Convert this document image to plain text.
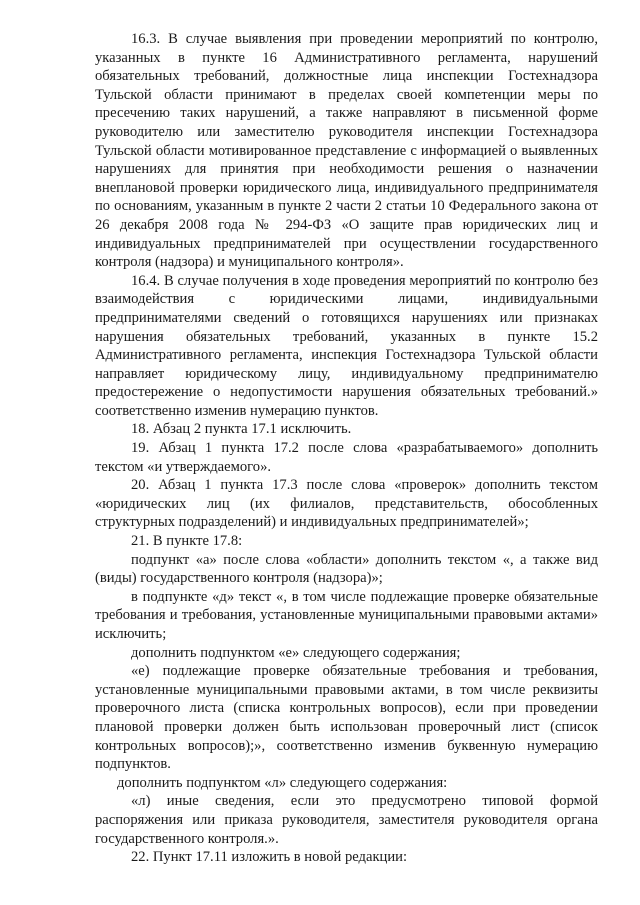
16.3. В случае выявления при проведении мероприятий по контролю, указанных в пункте 16 Административного регламента, нарушений обязательных требований, должностные лица инспекции Гостехнадзора Тульской области принимают в пределах своей компетенции меры по пресечению таких нарушений, а также направляют в письменной форме руководителю или заместителю руководителя инспекции Гостехнадзора Тульской области мотивированное представление с информацией о выявленных нарушениях для принятия при необходимости решения о назначении внеплановой проверки юридического лица, индивидуального предпринимателя по основаниям, указанным в пункте 2 части 2 статьи 10 Федерального закона от 26 декабря 2008 года № 294-ФЗ «О защите прав юридических лиц и индивидуальных предпринимателей при осуществлении государственного контроля (надзора) и муниципального контроля».

16.4. В случае получения в ходе проведения мероприятий по контролю без взаимодействия с юридическими лицами, индивидуальными предпринимателями сведений о готовящихся нарушениях или признаках нарушения обязательных требований, указанных в пункте 15.2 Административного регламента, инспекция Гостехнадзора Тульской области направляет юридическому лицу, индивидуальному предпринимателю предостережение о недопустимости нарушения обязательных требований.» соответственно изменив нумерацию пунктов.

18. Абзац 2 пункта 17.1 исключить.

19. Абзац 1 пункта 17.2 после слова «разрабатываемого» дополнить текстом «и утверждаемого».

20. Абзац 1 пункта 17.3 после слова «проверок» дополнить текстом «юридических лиц (их филиалов, представительств, обособленных структурных подразделений) и индивидуальных предпринимателей»;

21. В пункте 17.8:

подпункт «а» после слова «области» дополнить текстом «, а также вид (виды) государственного контроля (надзора)»;

в подпункте «д» текст «, в том числе подлежащие проверке обязательные требования и требования, установленные муниципальными правовыми актами» исключить;

дополнить подпунктом «е» следующего содержания;

«е) подлежащие проверке обязательные требования и требования, установленные муниципальными правовыми актами, в том числе реквизиты проверочного листа (списка контрольных вопросов), если при проведении плановой проверки должен быть использован проверочный лист (список контрольных вопросов);», соответственно изменив буквенную нумерацию подпунктов.

дополнить подпунктом «л» следующего содержания:

«л) иные сведения, если это предусмотрено типовой формой распоряжения или приказа руководителя, заместителя руководителя органа государственного контроля.».

22. Пункт 17.11 изложить в новой редакции:
